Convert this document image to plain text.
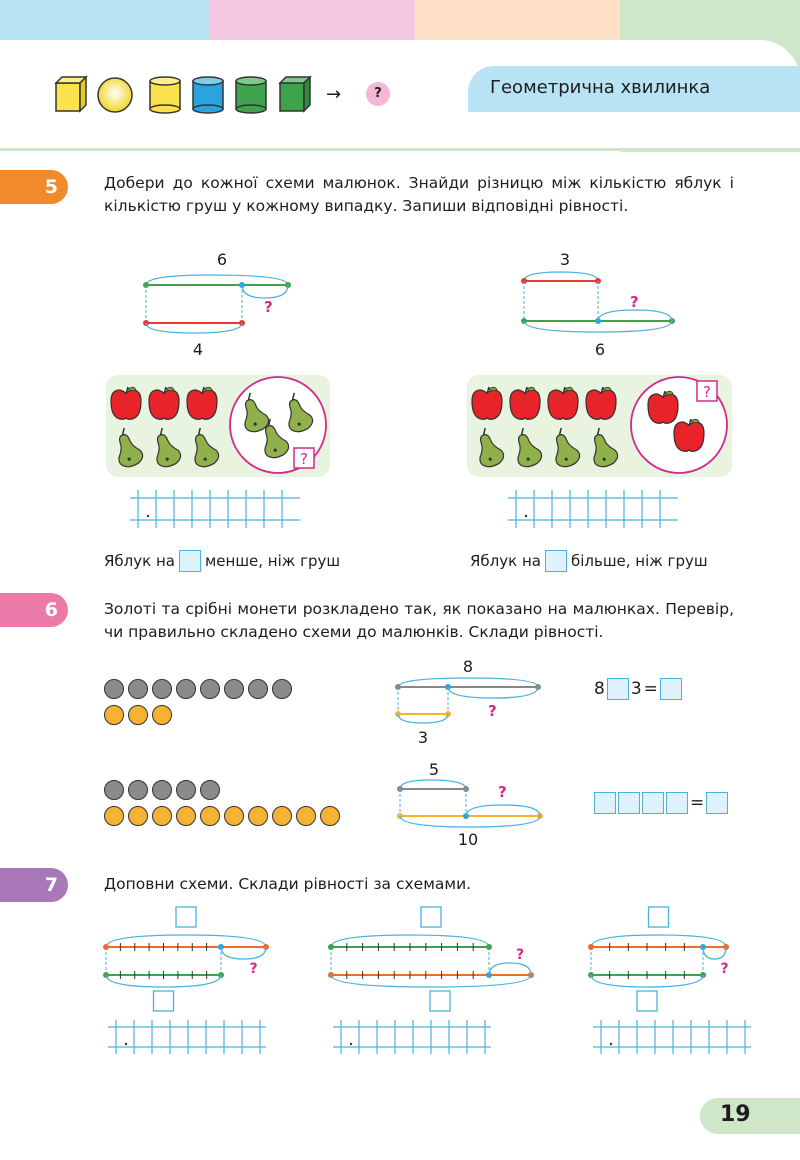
Геометрична хвилинка
→	?
5	Добери до кожної схеми малюнок. Знайди різницю між кількістю яблук і кількістю груш у кожному випадку. Запиши відповідні рівності.
6
4
?
3
6
?
?
?
Яблук на менше, ніж груш	Яблук на більше, ніж груш
6	Золоті та срібні монети розкладено так, як показано на малюнках. Перевір, чи правильно складено схеми до малюнків. Склади рівності.
8
3
?
8 3 =
5
10
?
=
7	Доповни схеми. Склади рівності за схемами.
?
?
?
19
